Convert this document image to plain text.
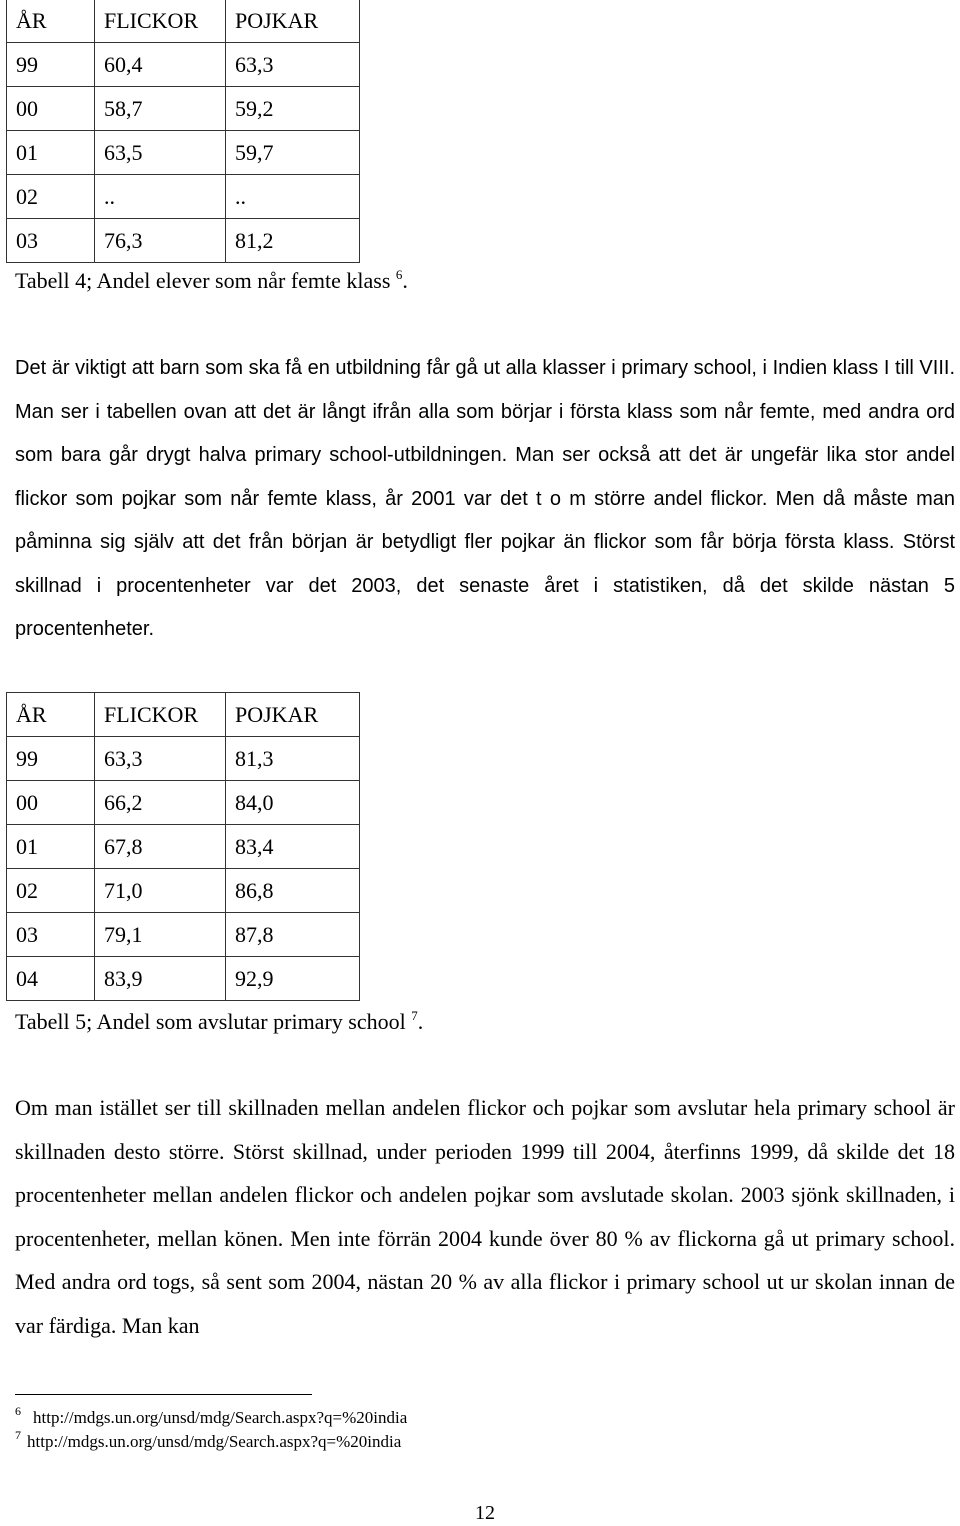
ÅR	FLICKOR	POJKAR
99	60,4	63,3
00	58,7	59,2
01	63,5	59,7
02	..	..
03	76,3	81,2
Tabell 4; Andel elever som når femte klass $^6$.

Det är viktigt att barn som ska få en utbildning får gå ut alla klasser i primary school, i Indien klass I till VIII. Man ser i tabellen ovan att det är långt ifrån alla som börjar i första klass som når femte, med andra ord som bara går drygt halva primary school-utbildningen. Man ser också att det är ungefär lika stor andel flickor som pojkar som når femte klass, år 2001 var det t o m större andel flickor. Men då måste man påminna sig själv att det från början är betydligt fler pojkar än flickor som får börja första klass. Störst skillnad i procentenheter var det 2003, det senaste året i statistiken, då det skilde nästan 5 procentenheter.

ÅR	FLICKOR	POJKAR
99	63,3	81,3
00	66,2	84,0
01	67,8	83,4
02	71,0	86,8
03	79,1	87,8
04	83,9	92,9
Tabell 5; Andel som avslutar primary school $^7$.

Om man istället ser till skillnaden mellan andelen flickor och pojkar som avslutar hela primary school är skillnaden desto större. Störst skillnad, under perioden 1999 till 2004, återfinns 1999, då skilde det 18 procentenheter mellan andelen flickor och andelen pojkar som avslutade skolan. 2003 sjönk skillnaden, i procentenheter, mellan könen. Men inte förrän 2004 kunde över 80 % av flickorna gå ut primary school. Med andra ord togs, så sent som 2004, nästan 20 % av alla flickor i primary school ut ur skolan innan de var färdiga. Man kan

$^6$ http://mdgs.un.org/unsd/mdg/Search.aspx?q=%20india
$^7$ http://mdgs.un.org/unsd/mdg/Search.aspx?q=%20india
12
